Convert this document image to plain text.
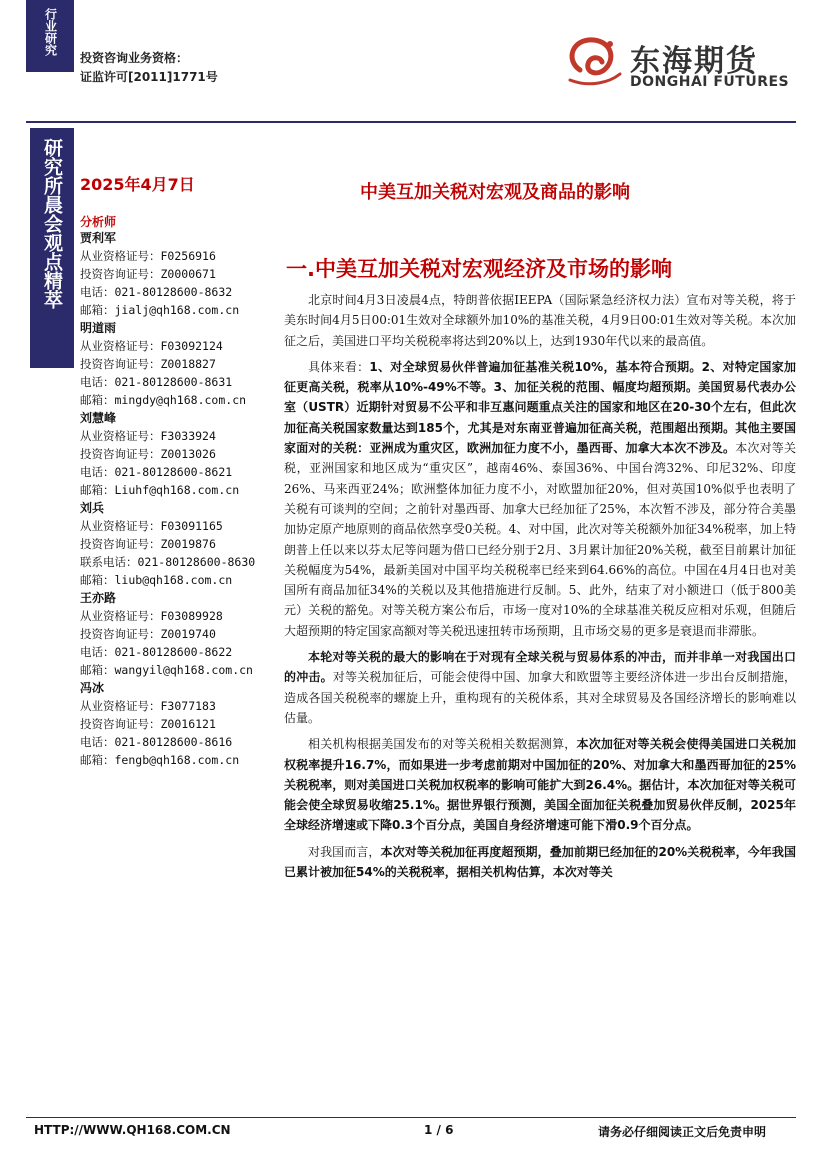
行业研究
投资咨询业务资格：
证监许可[2011]1771号	东海期货
DONGHAI FUTURES
研究所晨会观点精萃 2025年4月7日	中美互加关税对宏观及商品的影响
分析师
贾利军
从业资格证号：F0256916
投资咨询证号：Z0000671
电话：021-80128600-8632
邮箱：jialj@qh168.com.cn
明道雨
从业资格证号：F03092124
投资咨询证号：Z0018827
电话：021-80128600-8631
邮箱：mingdy@qh168.com.cn
刘慧峰
从业资格证号：F3033924
投资咨询证号：Z0013026
电话：021-80128600-8621
邮箱：Liuhf@qh168.com.cn
刘兵
从业资格证号：F03091165
投资咨询证号：Z0019876
联系电话：021-80128600-8630
邮箱：liub@qh168.com.cn
王亦路
从业资格证号：F03089928
投资咨询证号：Z0019740
电话：021-80128600-8622
邮箱：wangyil@qh168.com.cn
冯冰
从业资格证号：F3077183
投资咨询证号：Z0016121
电话：021-80128600-8616
邮箱：fengb@qh168.com.cn
一.中美互加关税对宏观经济及市场的影响

北京时间4月3日凌晨4点，特朗普依据IEEPA（国际紧急经济权力法）宣布对等关税，将于美东时间4月5日00:01生效对全球额外加10%的基准关税，4月9日00:01生效对等关税。本次加征之后，美国进口平均关税税率将达到20%以上，达到1930年代以来的最高值。

具体来看：1、对全球贸易伙伴普遍加征基准关税10%，基本符合预期。2、对特定国家加征更高关税，税率从10%-49%不等。3、加征关税的范围、幅度均超预期。美国贸易代表办公室（USTR）近期针对贸易不公平和非互惠问题重点关注的国家和地区在20-30个左右，但此次加征高关税国家数量达到185个，尤其是对东南亚普遍加征高关税，范围超出预期。其他主要国家面对的关税：亚洲成为重灾区，欧洲加征力度不小，墨西哥、加拿大本次不涉及。本次对等关税，亚洲国家和地区成为“重灾区”，越南46%、泰国36%、中国台湾32%、印尼32%、印度26%、马来西亚24%；欧洲整体加征力度不小，对欧盟加征20%，但对英国10%似乎也表明了关税有可谈判的空间；之前针对墨西哥、加拿大已经加征了25%，本次暂不涉及，部分符合美墨加协定原产地原则的商品依然享受0关税。4、对中国，此次对等关税额外加征34%税率，加上特朗普上任以来以芬太尼等问题为借口已经分别于2月、3月累计加征20%关税，截至目前累计加征关税幅度为54%，最新美国对中国平均关税税率已经来到64.66%的高位。中国在4月4日也对美国所有商品加征34%的关税以及其他措施进行反制。5、此外，结束了对小额进口（低于800美元）关税的豁免。对等关税方案公布后，市场一度对10%的全球基准关税反应相对乐观，但随后大超预期的特定国家高额对等关税迅速扭转市场预期，且市场交易的更多是衰退而非滞胀。

本轮对等关税的最大的影响在于对现有全球关税与贸易体系的冲击，而并非单一对我国出口的冲击。对等关税加征后，可能会使得中国、加拿大和欧盟等主要经济体进一步出台反制措施，造成各国关税税率的螺旋上升，重构现有的关税体系，其对全球贸易及各国经济增长的影响难以估量。

相关机构根据美国发布的对等关税相关数据测算，本次加征对等关税会使得美国进口关税加权税率提升16.7%，而如果进一步考虑前期对中国加征的20%、对加拿大和墨西哥加征的25%关税税率，则对美国进口关税加权税率的影响可能扩大到26.4%。据估计，本次加征对等关税可能会使全球贸易收缩25.1%。据世界银行预测，美国全面加征关税叠加贸易伙伴反制，2025年全球经济增速或下降0.3个百分点，美国自身经济增速可能下滑0.9个百分点。

对我国而言，本次对等关税加征再度超预期，叠加前期已经加征的20%关税税率，今年我国已累计被加征54%的关税税率，据相关机构估算，本次对等关

HTTP://WWW.QH168.COM.CN	1 / 6	请务必仔细阅读正文后免责申明
